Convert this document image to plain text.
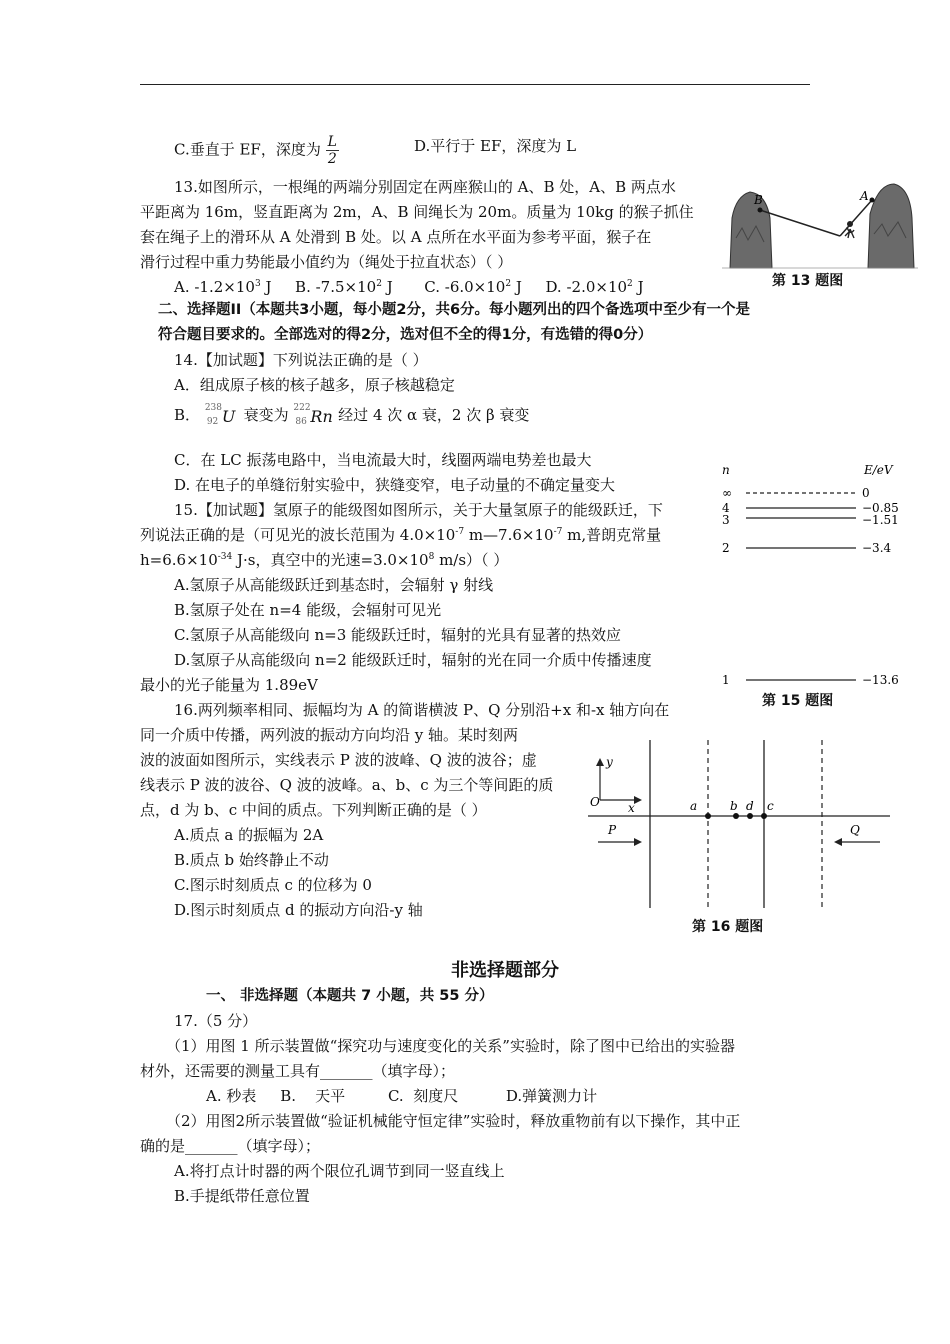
C.垂直于 EF，深度为 $\frac{L}{2}$	D.平行于 EF，深度为 L
13.如图所示，一根绳的两端分别固定在两座猴山的 A、B 处，A、B 两点水
平距离为 16m，竖直距离为 2m，A、B 间绳长为 20m。质量为 10kg 的猴子抓住
套在绳子上的滑环从 A 处滑到 B 处。以 A 点所在水平面为参考平面，猴子在
滑行过程中重力势能最小值约为（绳处于拉直状态）（ ）
A. $-1.2\times 10^3$ J B. $-7.5\times 10^2$ J C. $-6.0\times 10^2$ J D. $-2.0\times 10^2$ J
B	A
第 13 题图
二、选择题II（本题共3小题，每小题2分，共6分。每小题列出的四个备选项中至少有一个是
符合题目要求的。全部选对的得2分，选对但不全的得1分，有选错的得0分）
14.【加试题】下列说法正确的是（ ）
A．组成原子核的核子越多，原子核越稳定
B． 238
92 U 衰变为 222
86 Rn 经过 4 次 α 衰，2 次 β 衰变
C．在 LC 振荡电路中，当电流最大时，线圈两端电势差也最大
D. 在电子的单缝衍射实验中，狭缝变窄，电子动量的不确定量变大
15.【加试题】氢原子的能级图如图所示，关于大量氢原子的能级跃迁，下
列说法正确的是（可见光的波长范围为 $4.0\times 10^{-7}$ $m—7.6\times 10^{-7}$ m,普朗克常量
$h=6.6\times 10^{-34}$ J·s，真空中的光速$=3.0\times 10^8$ m/s）（ ）
A.氢原子从高能级跃迁到基态时，会辐射 γ 射线
B.氢原子处在 n=4 能级，会辐射可见光
C.氢原子从高能级向 n=3 能级跃迁时，辐射的光具有显著的热效应
D.氢原子从高能级向 n=2 能级跃迁时，辐射的光在同一介质中传播速度
最小的光子能量为 1.89eV
n	E/eV
∞	0
4	−0.85
3	−1.51
2	−3.4
1	−13.6
第 15 题图
16.两列频率相同、振幅均为 A 的简谐横波 P、Q 分别沿+x 和-x 轴方向在
同一介质中传播，两列波的振动方向均沿 y 轴。某时刻两
波的波面如图所示，实线表示 P 波的波峰、Q 波的波谷；虚
线表示 P 波的波谷、Q 波的波峰。a、b、c 为三个等间距的质
点，d 为 b、c 中间的质点。下列判断正确的是（ ）
A.质点 a 的振幅为 2A
B.质点 b 始终静止不动
C.图示时刻质点 c 的位移为 0
D.图示时刻质点 d 的振动方向沿-y 轴
y
O x	a	b d c
P	Q
第 16 题图
非选择题部分
一、 非选择题（本题共 7 小题，共 55 分）
17.（5 分）
（1）用图 1 所示装置做“探究功与速度变化的关系”实验时，除了图中已给出的实验器
材外，还需要的测量工具有_______（填字母）；
A. 秒表     B.    天平         C.  刻度尺          D.弹簧测力计
（2）用图2所示装置做“验证机械能守恒定律”实验时，释放重物前有以下操作，其中正
确的是_______（填字母）；
A.将打点计时器的两个限位孔调节到同一竖直线上
B.手提纸带任意位置
